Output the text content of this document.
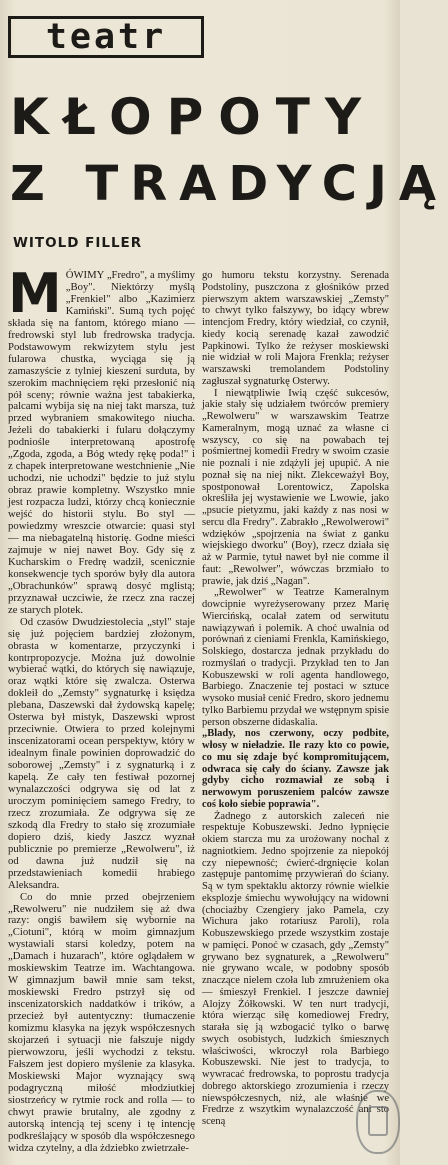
teatr
KŁOPOTY
Z TRADYCJĄ
WITOLD FILLER

MÓWIMY „Fredro", a myślimy „Boy". Niektórzy myślą „Frenkiel" albo „Kazimierz Kamiński". Sumą tych pojęć składa się na fantom, którego miano — fredrowski styl lub fredrowska tradycja. Podstawowym rekwizytem stylu jest fularowa chustka, wyciąga się ją zamaszyście z tylniej kieszeni surduta, by szerokim machnięciem ręki przesłonić nią pół sceny; równie ważna jest tabakierka, palcami wybija się na niej takt marsza, tuż przed wybraniem smakowitego niucha. Jeżeli do tabakierki i fularu dołączymy podniośle interpretowaną apostrofę „Zgoda, zgoda, a Bóg wtedy rękę poda!" i z chapek interpretowane westchnienie „Nie uchodzi, nie uchodzi" będzie to już stylu obraz prawie kompletny. Wszystko mnie jest rozpacza ludzi, którzy chcą koniecznie wejść do historii stylu. Bo styl — powiedzmy wreszcie otwarcie: quasi styl — ma niebagatelną historię. Godne mieści zajmuje w niej nawet Boy. Gdy się z Kucharskim o Fredrę wadził, scenicznie konsekwencje tych sporów były dla autora „Obrachunków" sprawą dosyć mglistą; przyznawał uczciwie, że rzecz zna raczej ze starych plotek.

Od czasów Dwudziestolecia „styl" staje się już pojęciem bardziej złożonym, obrasta w komentarze, przyczynki i kontrpropozycje. Można już dowolnie wybierać wątki, do których się nawiązuje, oraz wątki które się zwalcza. Osterwa dokleił do „Zemsty" sygnaturkę i księdza plebana, Daszewski dał żydowską kapelę; Osterwa był mistyk, Daszewski wprost przeciwnie. Otwiera to przed kolejnymi inscenizatorami ocean perspektyw, który w idealnym finale powinien doprowadzić do soborowej „Zemsty" i z sygnaturką i z kapelą. Ze cały ten festiwał pozornej wynalazczości odgrywa się od lat z uroczym pominięciem samego Fredry, to rzecz zrozumiała. Ze odgrywa się ze szkodą dla Fredry to stało się zrozumiałe dopiero dziś, kiedy Jaszcz wyznał publicznie po premierze „Rewolweru", iż od dawna już nudził się na przedstawieniach komedii hrabiego Aleksandra.

Co do mnie przed obejrzeniem „Rewolweru" nie nudziłem się aż dwa razy: ongiś bawiłem się wybornie na „Ciotuni", którą w moim gimnazjum wystawiali starsi koledzy, potem na „Damach i huzarach", które oglądałem w moskiewskim Teatrze im. Wachtangowa. W gimnazjum bawił mnie sam tekst, moskiewski Fredro pstrzył się od inscenizatorskich naddatków i trików, a przecież był autentyczny: tłumaczenie komizmu klasyka na język współczesnych skojarzeń i sytuacji nie fałszuje nigdy pierwowzoru, jeśli wychodzi z tekstu. Fałszem jest dopiero myślenie za klasyka. Moskiewski Major wyznający swą podagryczną miłość młodziutkiej siostrzeńcy w rytmie rock and rolla — to chwyt prawie brutalny, ale zgodny z autorską intencją tej sceny i tę intencję podkreślający w sposób dla współczesnego widza czytelny, a dla żdziebko zwietrzałe-

go humoru tekstu korzystny. Serenada Podstoliny, puszczona z głośników przed pierwszym aktem warszawskiej „Zemsty" to chwyt tylko fałszywy, bo idący wbrew intencjom Fredry, który wiedział, co czynił, kiedy kocią serenadę kazał zawodzić Papkinowi. Tylko że reżyser moskiewski nie widział w roli Majora Frenkla; reżyser warszawski tremolandem Podstoliny zagłuszał sygnaturkę Osterwy.

I niewątpliwie Iwią część sukcesów, jakie stały się udziałem twórców premiery „Rewolweru" w warszawskim Teatrze Kameralnym, mogą uznać za własne ci wszyscy, co się na powabach tej pośmiertnej komedii Fredry w swoim czasie nie poznali i nie zdążyli jej upupić. A nie poznał się na niej nikt. Zlekceważył Boy, spostponował Lorentowicz, Zapolska określiła jej wystawienie we Lwowie, jako „psucie pietyzmu, jaki każdy z nas nosi w sercu dla Fredry". Zabrakło „Rewolwerowi" wdzięków „spojrzenia na świat z ganku wiejskiego dworku" (Boy), rzecz działa się aż w Parmie, tytuł nawet był nie comme il faut: „Rewolwer", wówczas brzmiało to prawie, jak dziś „Nagan".

„Rewolwer" w Teatrze Kameralnym dowcipnie wyreżyserowany przez Marię Wiercińską, ocalał zatem od serwitutu nawiązywań i polemik. A choć uwalnia od porównań z cieniami Frenkla, Kamińskiego, Solskiego, dostarcza jednak przykładu do rozmyślań o tradycji. Przykład ten to Jan Kobuszewski w roli agenta handlowego, Barbiego. Znaczenie tej postaci w sztuce wysoko musiał cenić Fredro, skoro jednemu tylko Barbiemu przydał we wstępnym spisie person obszerne didaskalia.

„Blady, nos czerwony, oczy podbite, włosy w nieładzie. Ile razy kto co powie, co mu się zdaje być kompromitującem, odwraca się cały do ściany. Zawsze jak gdyby cicho rozmawiał ze sobą i nerwowym poruszeniem palców zawsze coś koło siebie poprawia".

Żadnego z autorskich zaleceń nie respektuje Kobuszewski. Jedno łypnięcie okiem starcza mu za uroźowany nochal z nagniotkiem. Jedno spojrzenie za niepokój czy niepewność; ćwierć-drgnięcie kolan zastępuje pantomimę przywierań do ściany. Są w tym spektaklu aktorzy równie wielkie eksplozje śmiechu wywołujący na widowni (chociażby Czengiery jako Pamela, czy Wichura jako rotariusz Paroli), rola Kobuszewskiego przede wszystkim zostaje w pamięci. Ponoć w czasach, gdy „Zemsty" grywano bez sygnaturek, a „Rewolweru" nie grywano wcale, w podobny sposób znaczące nielem czoła lub zmrużeniem oka — śmieszył Frenkiel. I jeszcze dawniej Alojzy Żółkowski. W ten nurt tradycji, która wierząc siłę komediowej Fredry, starała się ją wzbogacić tylko o barwę swych osobistych, ludzkich śmiesznych właściwości, wkroczył rola Barbiego Kobuszewski. Nie jest to tradycja, to wywracać fredrowska, to poprostu tradycja dobrego aktorskiego zrozumienia i rzeczy niewspółczesnych, niż, ale właśnie we Fredrze z wszytkim wynalazczość ani sto sceną
